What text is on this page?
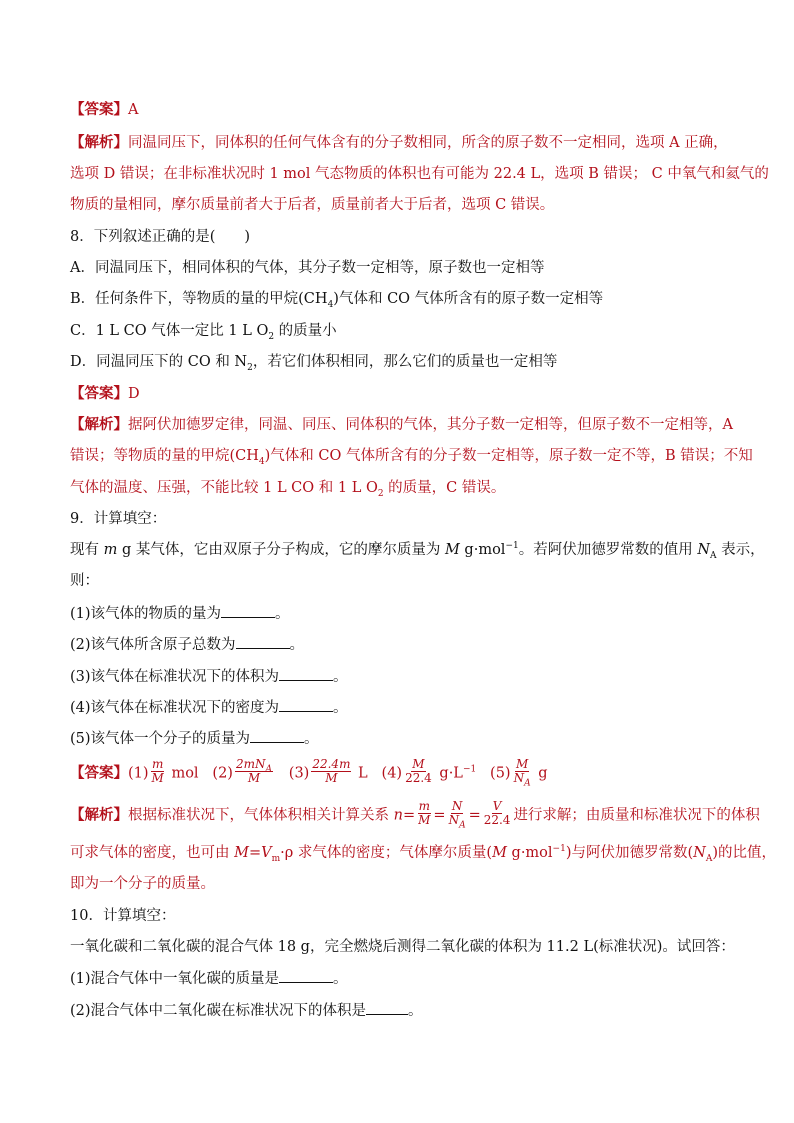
【答案】A
【解析】同温同压下，同体积的任何气体含有的分子数相同，所含的原子数不一定相同，选项 A 正确，
选项 D 错误；在非标准状况时 1 mol 气态物质的体积也有可能为 22.4 L，选项 B 错误； C 中氧气和氦气的
物质的量相同，摩尔质量前者大于后者，质量前者大于后者，选项 C 错误。
8．下列叙述正确的是(　　)
A．同温同压下，相同体积的气体，其分子数一定相等，原子数也一定相等
B．任何条件下，等物质的量的甲烷$(CH_4)$气体和 CO 气体所含有的原子数一定相等
C．1 L CO 气体一定比 1 L $O_2$ 的质量小
D．同温同压下的 CO 和 $N_2$，若它们体积相同，那么它们的质量也一定相等
【答案】D
【解析】据阿伏加德罗定律，同温、同压、同体积的气体，其分子数一定相等，但原子数不一定相等，A
错误；等物质的量的甲烷$(CH_4)$气体和 CO 气体所含有的分子数一定相等，原子数一定不等，B 错误；不知
气体的温度、压强，不能比较 1 L CO 和 1 L $O_2$ 的质量，C 错误。
9．计算填空：
现有 m g 某气体，它由双原子分子构成，它的摩尔质量为 M g·mol$^{-1}$。若阿伏加德罗常数的值用 $N_A$ 表示，
则：
(1)该气体的物质的量为	。
(2)该气体所含原子总数为	。
(3)该气体在标准状况下的体积为	。
(4)该气体在标准状况下的密度为	。
(5)该气体一个分子的质量为	。
【答案】$(1) \frac{m}{M}$ mol $(2) \frac{2mN_A}{M} (3) \frac{22.4m}{M}$ L $(4) \frac{M}{22.4} g\cdot L^{-1}$ $(5) \frac{M}{N_A}$ g
【解析】根据标准状况下，气体体积相关计算关系 $n= \frac{m}{M} = \frac{N}{N_A} = \frac{V}{22.4}$ 进行求解；由质量和标准状况下的体积
可求气体的密度，也可由 $M=V_m\cdot\rho$ 求气体的密度；气体摩尔质量(M g·mol$^{-1}$)与阿伏加德罗常数$(N_A)$的比值，
即为一个分子的质量。
10．计算填空：
一氧化碳和二氧化碳的混合气体 18 g，完全燃烧后测得二氧化碳的体积为 11.2 L(标准状况)。试回答：
(1)混合气体中一氧化碳的质量是	。
(2)混合气体中二氧化碳在标准状况下的体积是	。
